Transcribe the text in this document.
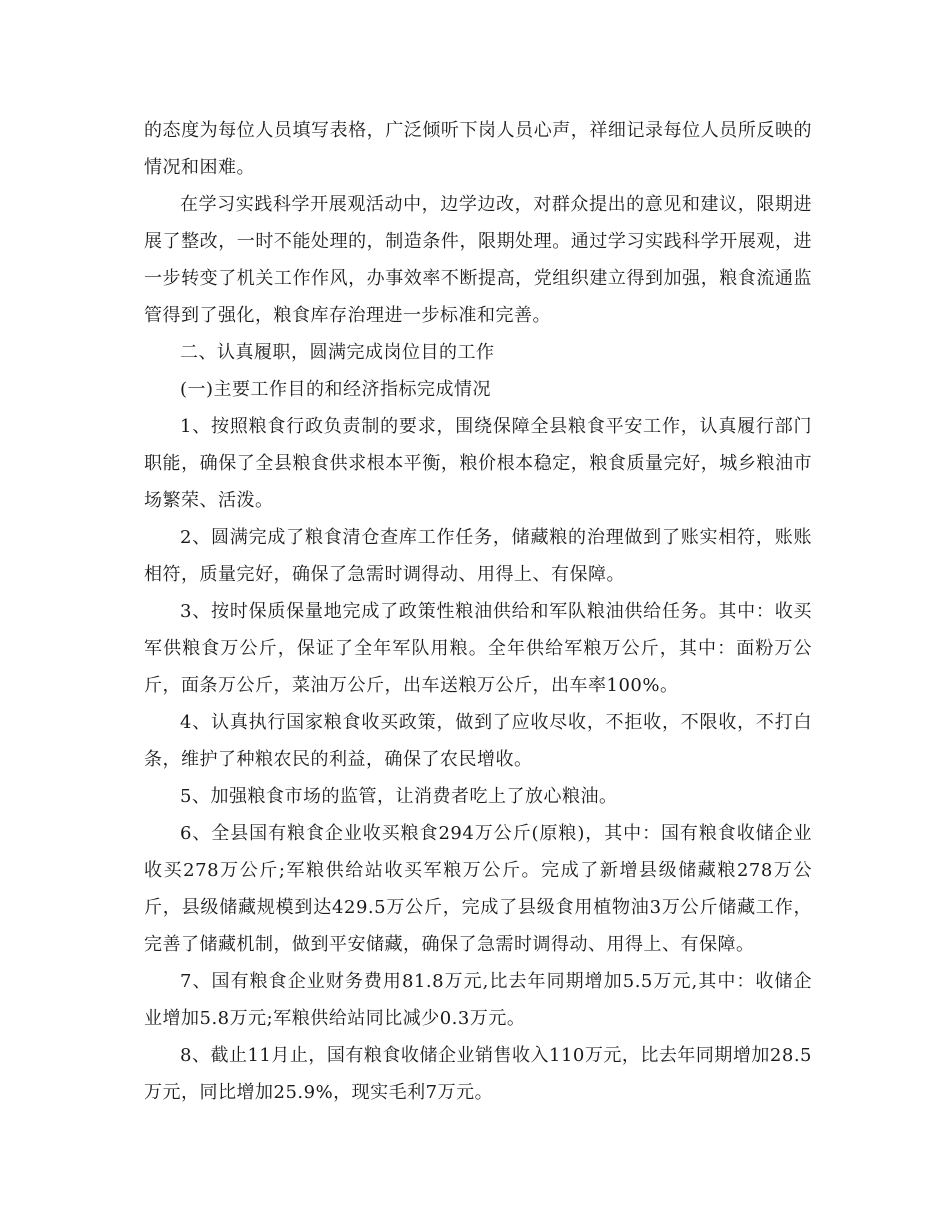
的态度为每位人员填写表格，广泛倾听下岗人员心声，祥细记录每位人员所反映的情况和困难。

在学习实践科学开展观活动中，边学边改，对群众提出的意见和建议，限期进展了整改，一时不能处理的，制造条件，限期处理。通过学习实践科学开展观，进一步转变了机关工作作风，办事效率不断提高，党组织建立得到加强，粮食流通监管得到了强化，粮食库存治理进一步标准和完善。

二、认真履职，圆满完成岗位目的工作

(一)主要工作目的和经济指标完成情况

1、按照粮食行政负责制的要求，围绕保障全县粮食平安工作，认真履行部门职能，确保了全县粮食供求根本平衡，粮价根本稳定，粮食质量完好，城乡粮油市场繁荣、活泼。

2、圆满完成了粮食清仓查库工作任务，储藏粮的治理做到了账实相符，账账相符，质量完好，确保了急需时调得动、用得上、有保障。

3、按时保质保量地完成了政策性粮油供给和军队粮油供给任务。其中：收买军供粮食万公斤，保证了全年军队用粮。全年供给军粮万公斤，其中：面粉万公斤，面条万公斤，菜油万公斤，出车送粮万公斤，出车率100%。

4、认真执行国家粮食收买政策，做到了应收尽收，不拒收，不限收，不打白条，维护了种粮农民的利益，确保了农民增收。

5、加强粮食市场的监管，让消费者吃上了放心粮油。

6、全县国有粮食企业收买粮食294万公斤(原粮)，其中：国有粮食收储企业收买278万公斤;军粮供给站收买军粮万公斤。完成了新增县级储藏粮278万公斤，县级储藏规模到达429.5万公斤，完成了县级食用植物油3万公斤储藏工作，完善了储藏机制，做到平安储藏，确保了急需时调得动、用得上、有保障。

7、国有粮食企业财务费用81.8万元,比去年同期增加5.5万元,其中：收储企业增加5.8万元;军粮供给站同比减少0.3万元。

8、截止11月止，国有粮食收储企业销售收入110万元，比去年同期增加28.5万元，同比增加25.9%，现实毛利7万元。
